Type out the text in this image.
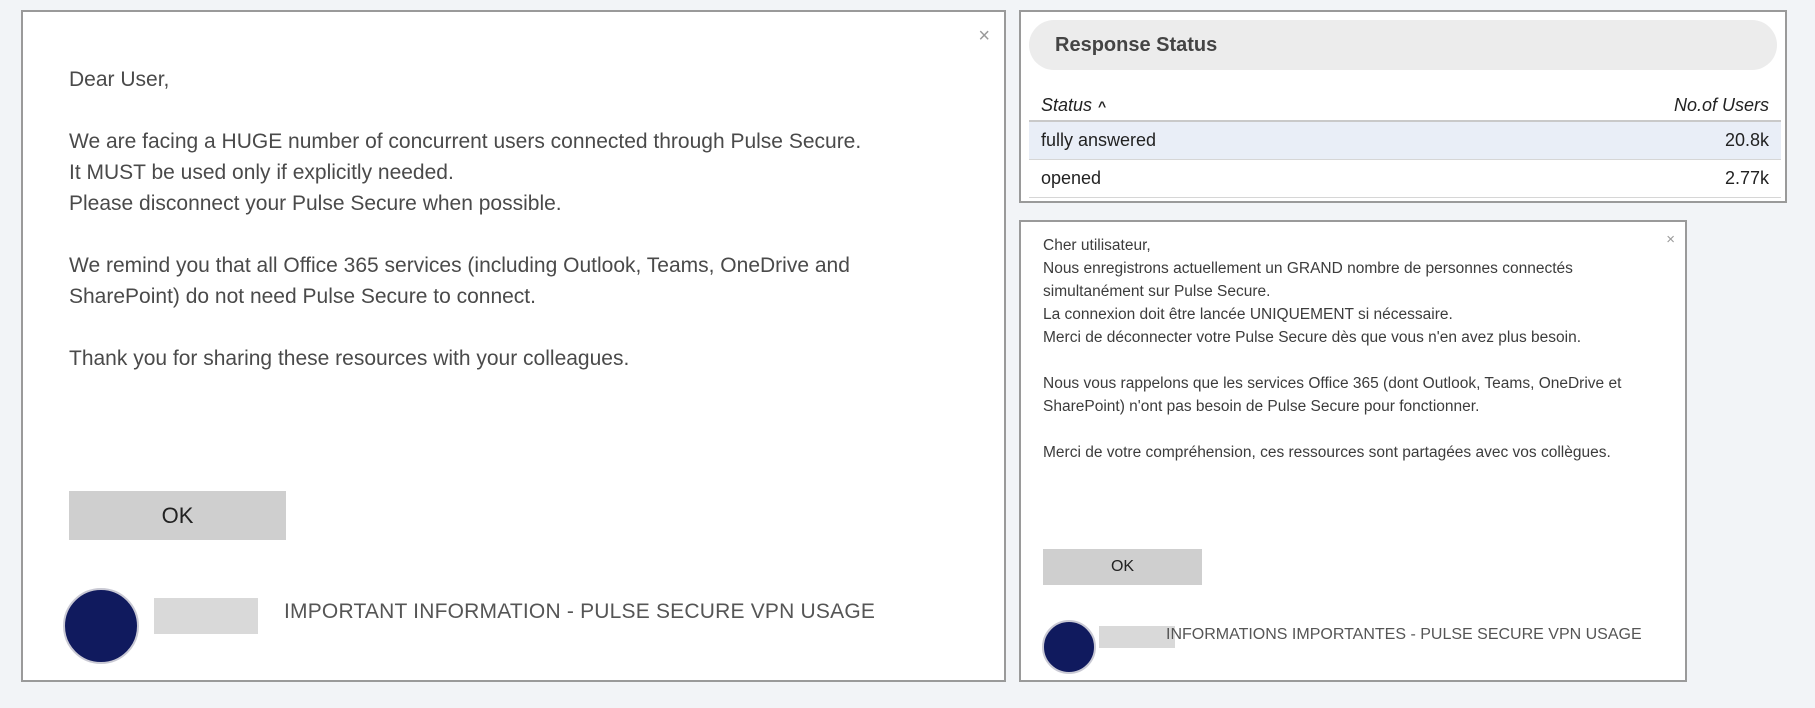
×

Dear User,

We are facing a HUGE number of concurrent users connected through Pulse Secure.
It MUST be used only if explicitly needed.
Please disconnect your Pulse Secure when possible.

We remind you that all Office 365 services (including Outlook, Teams, OneDrive and
SharePoint) do not need Pulse Secure to connect.

Thank you for sharing these resources with your colleagues.

OK
IMPORTANT INFORMATION - PULSE SECURE VPN USAGE
Response Status
Status ^	No.of Users
fully answered	20.8k
opened	2.77k
×

Cher utilisateur,
Nous enregistrons actuellement un GRAND nombre de personnes connectés
simultanément sur Pulse Secure.
La connexion doit être lancée UNIQUEMENT si nécessaire.
Merci de déconnecter votre Pulse Secure dès que vous n'en avez plus besoin.

Nous vous rappelons que les services Office 365 (dont Outlook, Teams, OneDrive et
SharePoint) n'ont pas besoin de Pulse Secure pour fonctionner.

Merci de votre compréhension, ces ressources sont partagées avec vos collègues.

OK
INFORMATIONS IMPORTANTES - PULSE SECURE VPN USAGE
